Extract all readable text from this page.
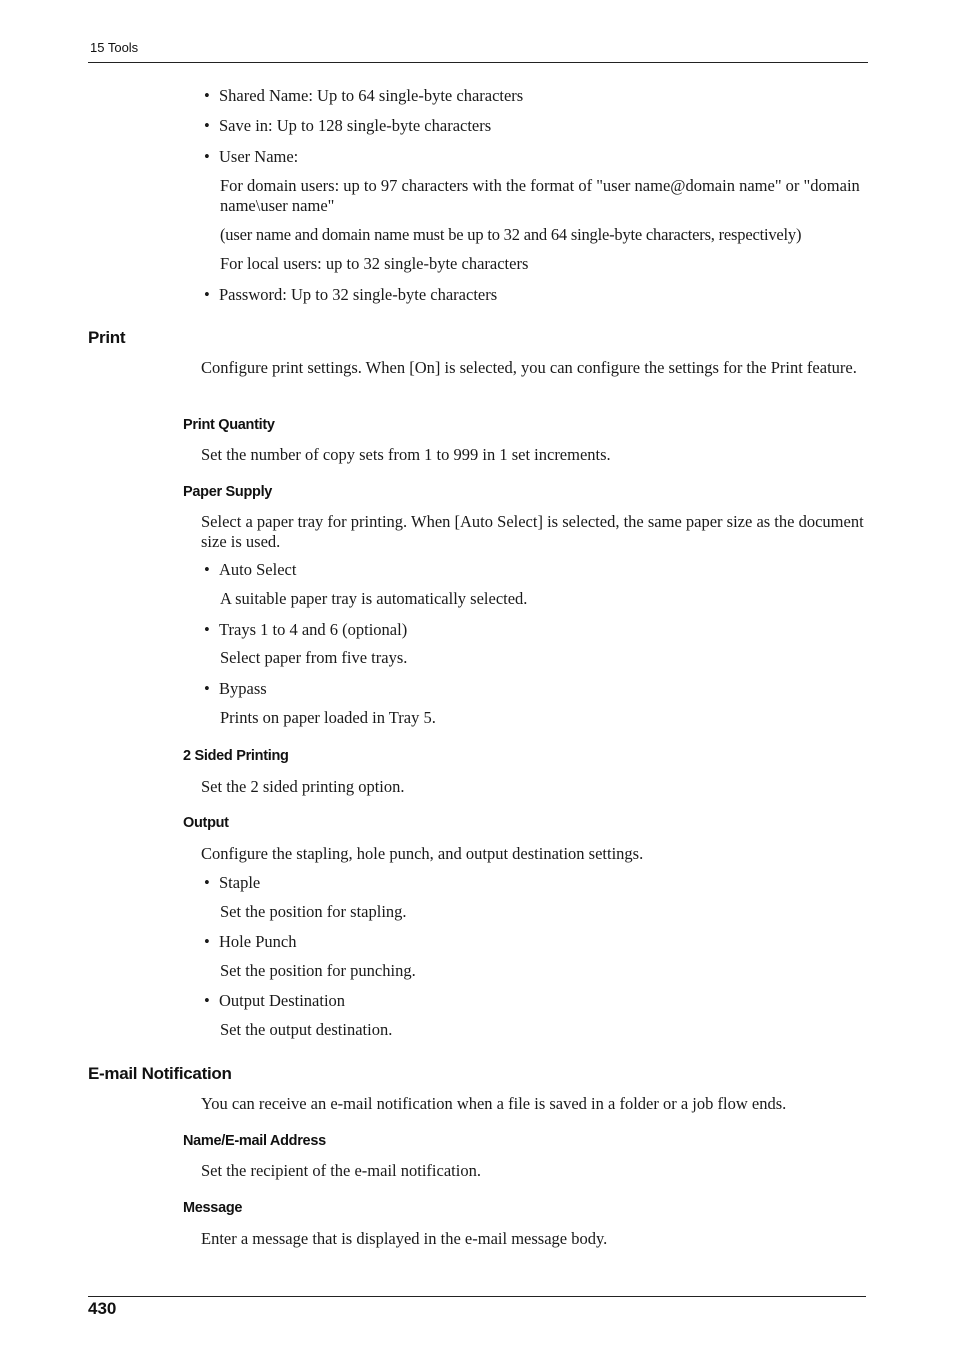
15 Tools
• Shared Name: Up to 64 single-byte characters
• Save in: Up to 128 single-byte characters
• User Name:
For domain users: up to 97 characters with the format of "user name@domain name" or "domain name\user name"
(user name and domain name must be up to 32 and 64 single-byte characters, respectively)
For local users: up to 32 single-byte characters
• Password: Up to 32 single-byte characters
Print
Configure print settings. When [On] is selected, you can configure the settings for the Print feature.
Print Quantity
Set the number of copy sets from 1 to 999 in 1 set increments.
Paper Supply
Select a paper tray for printing. When [Auto Select] is selected, the same paper size as the document size is used.
• Auto Select
A suitable paper tray is automatically selected.
• Trays 1 to 4 and 6 (optional)
Select paper from five trays.
• Bypass
Prints on paper loaded in Tray 5.
2 Sided Printing
Set the 2 sided printing option.
Output
Configure the stapling, hole punch, and output destination settings.
• Staple
Set the position for stapling.
• Hole Punch
Set the position for punching.
• Output Destination
Set the output destination.
E-mail Notification
You can receive an e-mail notification when a file is saved in a folder or a job flow ends.
Name/E-mail Address
Set the recipient of the e-mail notification.
Message
Enter a message that is displayed in the e-mail message body.
430
